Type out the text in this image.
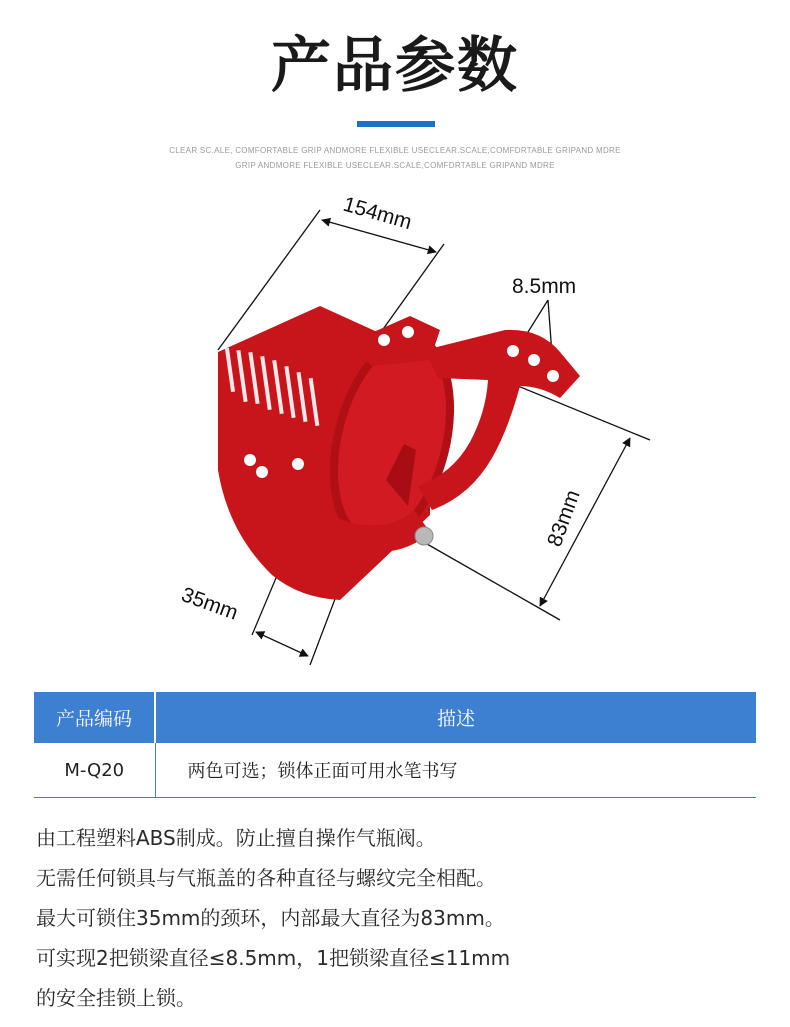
产品参数
CLEAR SC.ALE, COMFORTABLE GRIP ANDMORE FLEXIBLE USECLEAR.SCALE,COMFDRTABLE GRIPAND MDRE
GRIP ANDMORE FLEXIBLE USECLEAR.SCALE,COMFDRTABLE GRIPAND MDRE
154mm
8.5mm
83mm
35mm
产品编码	描述
M-Q20	两色可选；锁体正面可用水笔书写
由工程塑料ABS制成。防止擅自操作气瓶阀。
无需任何锁具与气瓶盖的各种直径与螺纹完全相配。
最大可锁住35mm的颈环，内部最大直径为83mm。
可实现2把锁梁直径≤8.5mm，1把锁梁直径≤11mm
的安全挂锁上锁。
